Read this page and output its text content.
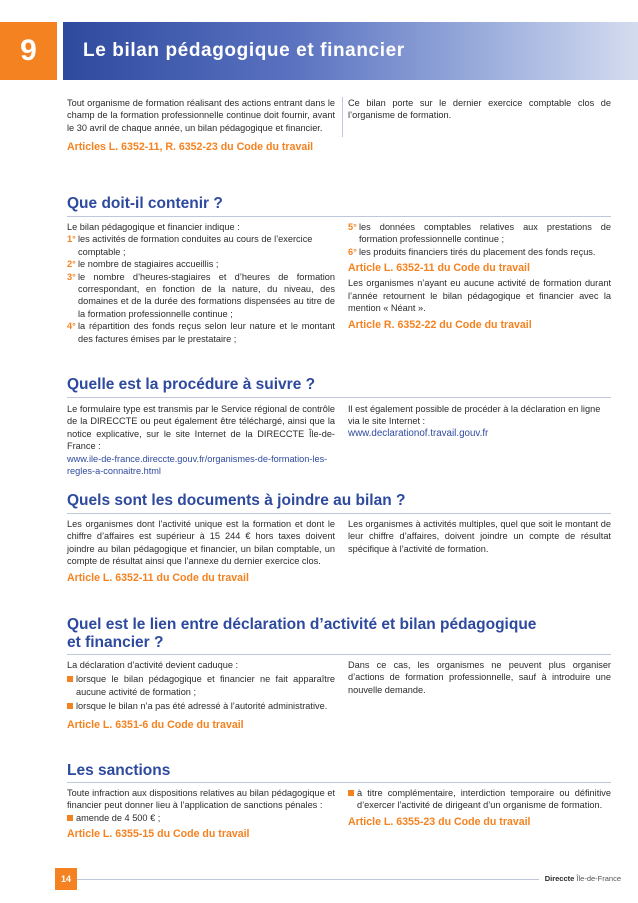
9	Le bilan pédagogique et financier

Tout organisme de formation réalisant des actions entrant dans le champ de la formation professionnelle continue doit fournir, avant le 30 avril de chaque année, un bilan pédagogique et financier.

Articles L. 6352-11, R. 6352-23 du Code du travail

Ce bilan porte sur le dernier exercice comptable clos de l’organisme de formation.
Que doit-il contenir ?

Le bilan pédagogique et financier indique :

1° les activités de formation conduites au cours de l’exercice comptable ;
2° le nombre de stagiaires accueillis ;
3° le nombre d’heures-stagiaires et d’heures de formation correspondant, en fonction de la nature, du niveau, des domaines et de la durée des formations dispensées au titre de la formation professionnelle continue ;
4° la répartition des fonds reçus selon leur nature et le montant des factures émises par le prestataire ;
5° les données comptables relatives aux prestations de formation professionnelle continue ;
6° les produits financiers tirés du placement des fonds reçus.

Article L. 6352-11 du Code du travail

Les organismes n’ayant eu aucune activité de formation durant l’année retournent le bilan pédagogique et financier avec la mention « Néant ».

Article R. 6352-22 du Code du travail

Quelle est la procédure à suivre ?

Le formulaire type est transmis par le Service régional de contrôle de la DIRECCTE ou peut également être téléchargé, ainsi que la notice explicative, sur le site Internet de la DIRECCTE Île-de-France :

www.ile-de-france.direccte.gouv.fr/organismes-de-formation-les-regles-a-connaitre.html

Il est également possible de procéder à la déclaration en ligne via le site Internet :

www.declarationof.travail.gouv.fr

Quels sont les documents à joindre au bilan ?

Les organismes dont l’activité unique est la formation et dont le chiffre d’affaires est supérieur à 15 244 € hors taxes doivent joindre au bilan pédagogique et financier, un bilan comptable, un compte de résultat ainsi que l’annexe du dernier exercice clos.

Article L. 6352-11 du Code du travail

Les organismes à activités multiples, quel que soit le montant de leur chiffre d’affaires, doivent joindre un compte de résultat spécifique à l’activité de formation.
Quel est le lien entre déclaration d’activité et bilan pédagogique
et financier ?

La déclaration d’activité devient caduque :

lorsque le bilan pédagogique et financier ne fait apparaître aucune activité de formation ;
lorsque le bilan n’a pas été adressé à l’autorité administrative.

Article L. 6351-6 du Code du travail

Dans ce cas, les organismes ne peuvent plus organiser d’actions de formation professionnelle, sauf à introduire une nouvelle demande.
Les sanctions

Toute infraction aux dispositions relatives au bilan pédagogique et financier peut donner lieu à l’application de sanctions pénales :

amende de 4 500 € ;

Article L. 6355-15 du Code du travail

à titre complémentaire, interdiction temporaire ou définitive d’exercer l’activité de dirigeant d’un organisme de formation.

Article L. 6355-23 du Code du travail

14	Direccte Île-de-France
